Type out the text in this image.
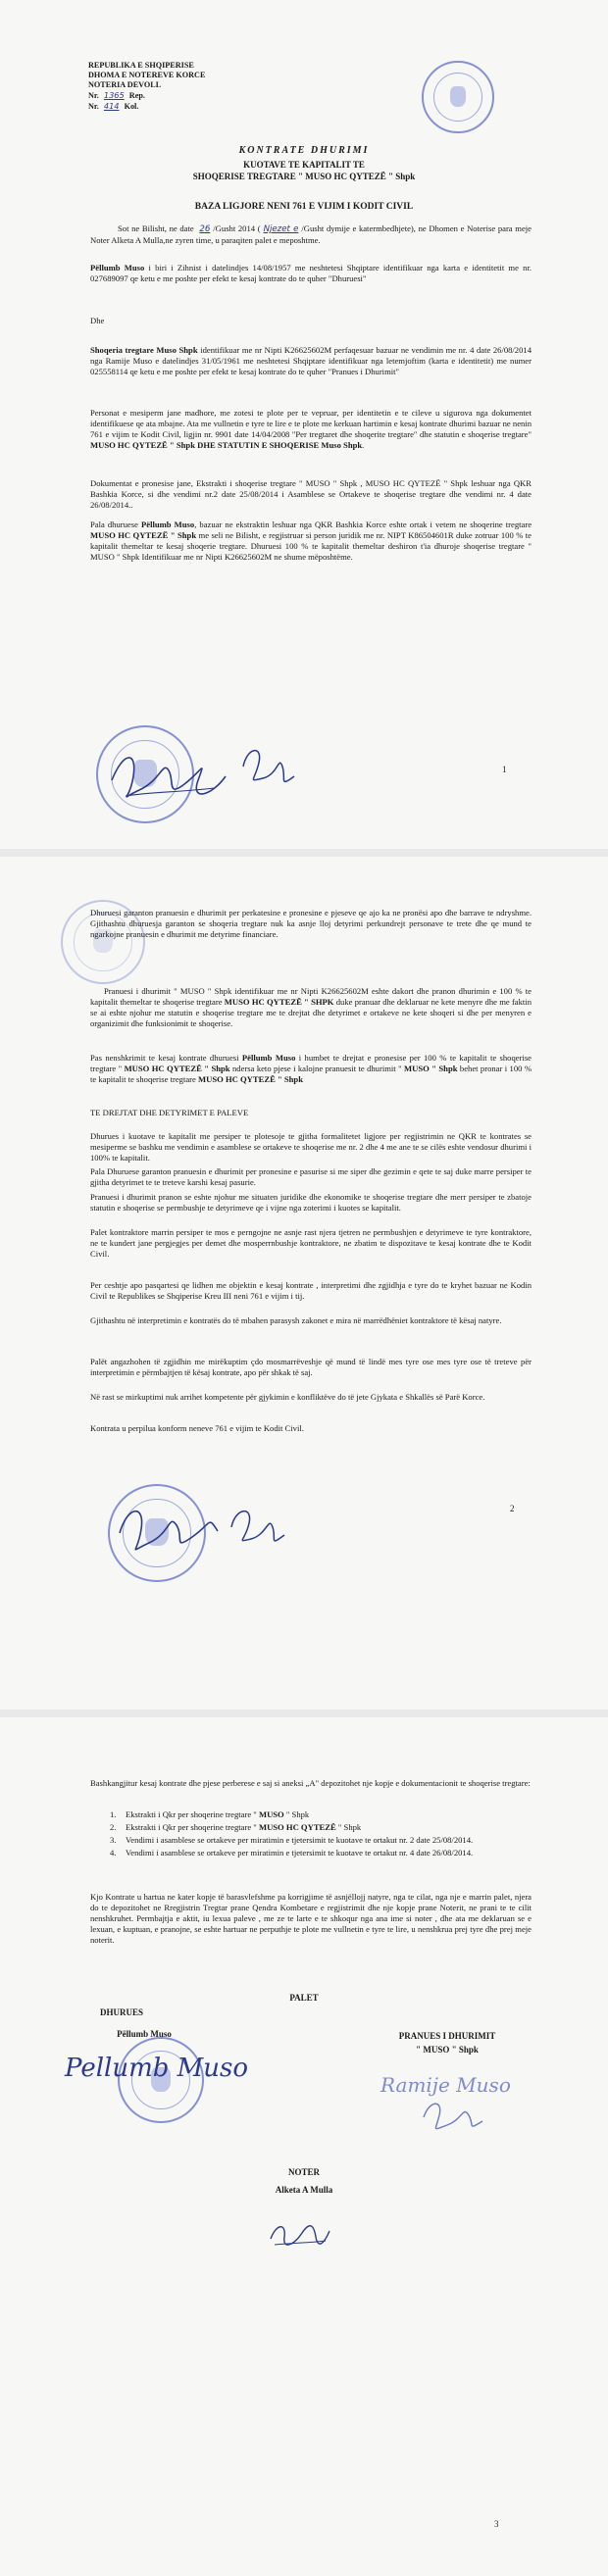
REPUBLIKA E SHQIPERISE
DHOMA E NOTEREVE KORCE
NOTERIA DEVOLL
Nr. 1365 Rep.
Nr. 414 Kol.
KONTRATE DHURIMI
KUOTAVE TE KAPITALIT TE
SHOQERISE TREGTARE " MUSO HC QYTEZË " Shpk
BAZA LIGJORE NENI 761 E VIJIM I KODIT CIVIL

Sot ne Bilisht, ne date 26 /Gusht 2014 ( Njezet e /Gusht dymije e katermbedhjete), ne Dhomen e Noterise para meje Noter Alketa A Mulla,ne zyren time, u paraqiten palet e meposhtme.

Pëllumb Muso i biri i Zihnist i datelindjes 14/08/1957 me neshtetesi Shqiptare identifikuar nga karta e identitetit me nr. 027689097 qe ketu e me poshte per efekt te kesaj kontrate do te quher "Dhuruesi"

Dhe

Shoqeria tregtare Muso Shpk identifikuar me nr Nipti K26625602M perfaqesuar bazuar ne vendimin me nr. 4 date 26/08/2014 nga Ramije Muso e datelindjes 31/05/1961 me neshtetesi Shqiptare identifikuar nga letemjoftim (karta e identitetit) me numer 025558114 qe ketu e me poshte per efekt te kesaj kontrate do te quher "Pranues i Dhurimit"

Personat e mesiperm jane madhore, me zotesi te plote per te vepruar, per identitetin e te cileve u sigurova nga dokumentet identifikuese qe ata mbajne. Ata me vullnetin e tyre te lire e te plote me kerkuan hartimin e kesaj kontrate dhurimi bazuar ne nenin 761 e vijim te Kodit Civil, ligjin nr. 9901 date 14/04/2008 "Per tregtaret dhe shoqerite tregtare" dhe statutin e shoqerise tregtare" MUSO HC QYTEZË " Shpk DHE STATUTIN E SHOQERISE Muso Shpk.

Dokumentat e pronesise jane, Ekstrakti i shoqerise tregtare " MUSO " Shpk , MUSO HC QYTEZË " Shpk leshuar nga QKR Bashkia Korce, si dhe vendimi nr.2 date 25/08/2014 i Asamblese se Ortakeve te shoqerise tregtare dhe vendimi nr. 4 date 26/08/2014..

Pala dhuruese Pëllumb Muso, bazuar ne ekstraktin leshuar nga QKR Bashkia Korce eshte ortak i vetem ne shoqerine tregtare MUSO HC QYTEZË " Shpk me seli ne Bilisht, e regjistruar si person juridik me nr. NIPT K86504601R duke zotruar 100 % te kapitalit themeltar te kesaj shoqerie tregtare. Dhuruesi 100 % te kapitalit themeltar deshiron t'ia dhuroje shoqerise tregtare " MUSO " Shpk Identifikuar me nr Nipti K26625602M ne shume mëposhtëme.

1

Dhuruesi garanton pranuesin e dhurimit per perkatesine e pronesine e pjeseve qe ajo ka ne pronësi apo dhe barrave te ndryshme. Gjithashtu dhuruesja garanton se shoqeria tregtare nuk ka asnje lloj detyrimi perkundrejt personave te trete dhe qe mund te ngarkojne pranuesin e dhurimit me detyrime financiare.

Pranuesi i dhurimit " MUSO " Shpk identifikuar me nr Nipti K26625602M eshte dakort dhe pranon dhurimin e 100 % te kapitalit themeltar te shoqerise tregtare MUSO HC QYTEZË " SHPK duke pranuar dhe deklaruar ne kete menyre dhe me faktin se ai eshte njohur me statutin e shoqerise tregtare me te drejtat dhe detyrimet e ortakeve ne kete shoqeri si dhe per menyren e organizimit dhe funksionimit te shoqerise.

Pas nenshkrimit te kesaj kontrate dhuruesi Pëllumb Muso i humbet te drejtat e pronesise per 100 % te kapitalit te shoqerise tregtare " MUSO HC QYTEZË " Shpk ndersa keto pjese i kalojne pranuesit te dhurimit " MUSO " Shpk behet pronar i 100 % te kapitalit te shoqerise tregtare MUSO HC QYTEZË " Shpk

TE DREJTAT DHE DETYRIMET E PALEVE

Dhurues i kuotave te kapitalit me persiper te plotesoje te gjitha formalitetet ligjore per regjistrimin ne QKR te kontrates se mesiperme se bashku me vendimin e asamblese se ortakeve te shoqerise me nr. 2 dhe 4 me ane te se cilës eshte vendosur dhurimi i 100% te kapitalit.

Pala Dhuruese garanton pranuesin e dhurimit per pronesine e pasurise si me siper dhe gezimin e qete te saj duke marre persiper te gjitha detyrimet te te treteve karshi kesaj pasurie.

Pranuesi i dhurimit pranon se eshte njohur me situaten juridike dhe ekonomike te shoqerise tregtare dhe merr persiper te zbatoje statutin e shoqerise se permbushje te detyrimeve qe i vijne nga zoterimi i kuotes se kapitalit.

Palet kontraktore marrin persiper te mos e perngojne ne asnje rast njera tjetren ne permbushjen e detyrimeve te tyre kontraktore, ne te kundert jane pergjegjes per demet dhe mosperrnbushje kontraktore, ne zbatim te dispozitave te kesaj kontrate dhe te Kodit Civil.

Per ceshtje apo pasqartesi qe lidhen me objektin e kesaj kontrate , interpretimi dhe zgjidhja e tyre do te kryhet bazuar ne Kodin Civil te Republikes se Shqiperise Kreu III neni 761 e vijim i tij.

Gjithashtu në interpretimin e kontratës do të mbahen parasysh zakonet e mira në marrëdhëniet kontraktore të kësaj natyre.

Palët angazhohen të zgjidhin me mirëkuptim çdo mosmarrëveshje që mund të lindë mes tyre ose mes tyre ose të treteve për interpretimin e përmbajtjen të kësaj kontrate, apo për shkak të saj.

Në rast se mirkuptimi nuk arrihet kompetente për gjykimin e konfliktëve do të jete Gjykata e Shkallës së Parë Korce.

Kontrata u perpilua konform neneve 761 e vijim te Kodit Civil.

2

Bashkangjitur kesaj kontrate dhe pjese perberese e saj si aneksi „A" depozitohet nje kopje e dokumentacionit te shoqerise tregtare:

1. Ekstrakti i Qkr per shoqerine tregtare " MUSO " Shpk
2. Ekstrakti i Qkr per shoqerine tregtare " MUSO HC QYTEZË " Shpk
3. Vendimi i asamblese se ortakeve per miratimin e tjetersimit te kuotave te ortakut nr. 2 date 25/08/2014.
4. Vendimi i asamblese se ortakeve per miratimin e tjetersimit te kuotave te ortakut nr. 4 date 26/08/2014.

Kjo Kontrate u hartua ne kater kopje të barasvlefshme pa korrigjime të asnjëllojj natyre, nga te cilat, nga nje e marrin palet, njera do te depozitohet ne Rregjistrin Tregtar prane Qendra Kombetare e regjistrimit dhe nje kopje prane Noterit, ne prani te te cilit nenshkruhet. Permbajtja e aktit, iu lexua paleve , me ze te larte e te shkoqur nga ana ime si noter , dhe ata me deklaruan se e lexuan, e kuptuan, e pranojne, se eshte hartuar ne perputhje te plote me vullnetin e tyre te lire, u nenshkrua prej tyre dhe prej meje noterit.

PALET
DHURUES
Pëllumb Muso	PRANUES I DHURIMIT
" MUSO " Shpk
Pellumb Muso
Ramije Muso
NOTER
Alketa A Mulla
3
